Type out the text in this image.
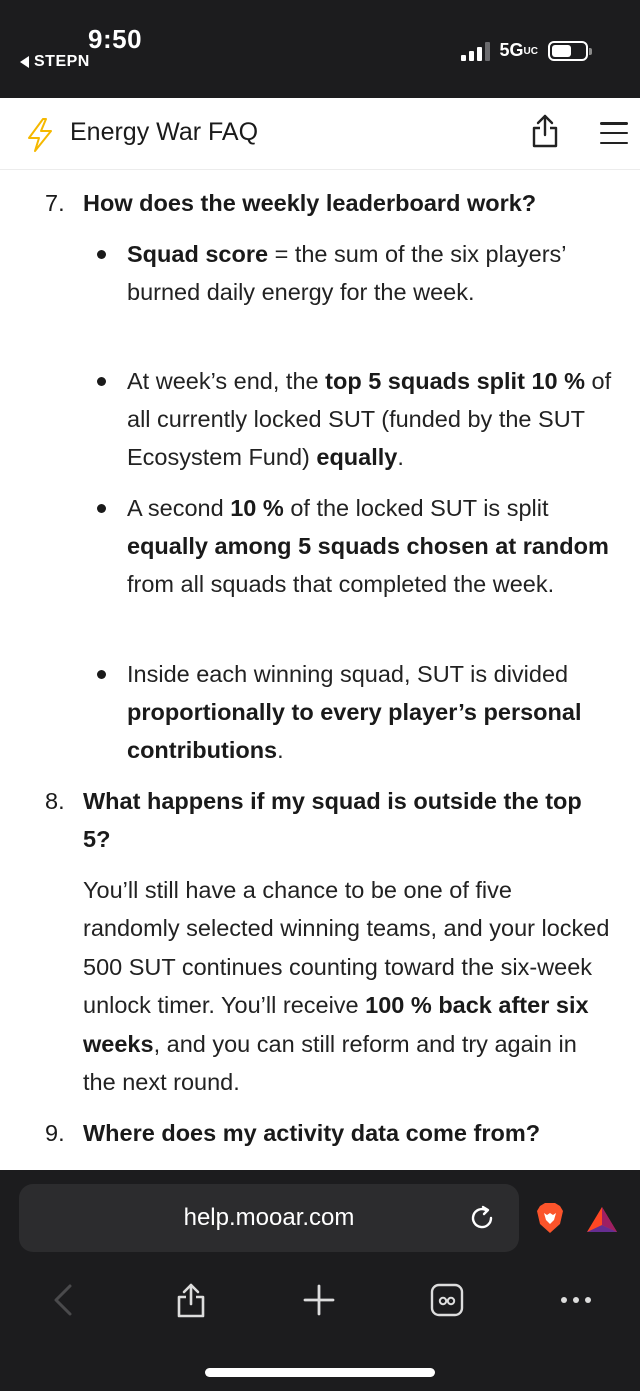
9:50
STEPN
5GUC
Energy War FAQ
7. How does the weekly leaderboard work?
Squad score = the sum of the six players’ burned daily energy for the week.
At week’s end, the top 5 squads split 10 % of all currently locked SUT (funded by the SUT Ecosystem Fund) equally.
A second 10 % of the locked SUT is split equally among 5 squads chosen at random from all squads that completed the week.
Inside each winning squad, SUT is divided proportionally to every player’s personal contributions.
8. What happens if my squad is outside the top 5?
You’ll still have a chance to be one of five randomly selected winning teams, and your locked 500 SUT continues counting toward the six-week unlock timer. You’ll receive 100 % back after six weeks, and you can still reform and try again in the next round.
9. Where does my activity data come from?
help.mooar.com
